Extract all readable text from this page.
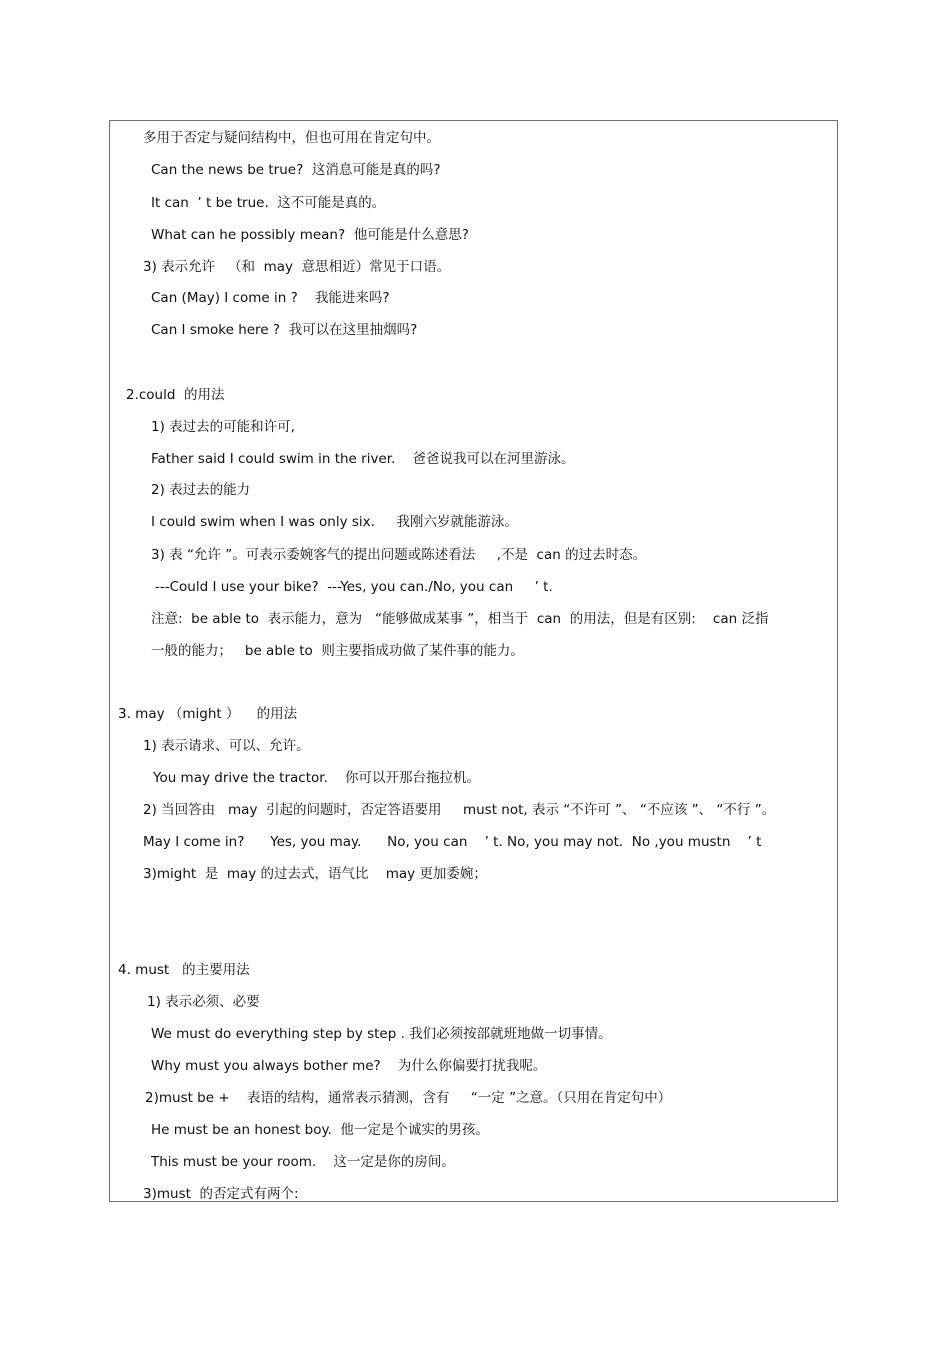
多用于否定与疑问结构中，但也可用在肯定句中。
Can the news be true?  这消息可能是真的吗?
It can  ’ t be true.  这不可能是真的。
What can he possibly mean?  他可能是什么意思?
3) 表示允许   （和  may  意思相近）常见于口语。
Can (May) I come in ?    我能进来吗?
Can I smoke here ?  我可以在这里抽烟吗?
2.could  的用法
1) 表过去的可能和许可,
Father said I could swim in the river.    爸爸说我可以在河里游泳。
2) 表过去的能力
I could swim when I was only six.     我刚六岁就能游泳。
3) 表 “允许 ”。可表示委婉客气的提出问题或陈述看法     ,不是  can 的过去时态。
---Could I use your bike?  ---Yes, you can./No, you can     ’ t.
注意:  be able to  表示能力，意为   “能够做成某事 ”，相当于  can  的用法，但是有区别:    can 泛指
一般的能力；   be able to  则主要指成功做了某件事的能力。
3. may （might ）    的用法
1) 表示请求、可以、允许。
You may drive the tractor.    你可以开那台拖拉机。
2) 当回答由   may  引起的问题时，否定答语要用     must not, 表示 “不许可 ”、 “不应该 ”、 “不行 ”。
May I come in?      Yes, you may.      No, you can    ’ t. No, you may not.  No ,you mustn    ’ t
3)might  是  may 的过去式，语气比    may 更加委婉；
4. must   的主要用法
1) 表示必须、必要
We must do everything step by step . 我们必须按部就班地做一切事情。
Why must you always bother me?    为什么你偏要打扰我呢。
2)must be +    表语的结构，通常表示猜测，含有     “一定 ”之意。（只用在肯定句中）
He must be an honest boy.  他一定是个诚实的男孩。
This must be your room.    这一定是你的房间。
3)must  的否定式有两个:
